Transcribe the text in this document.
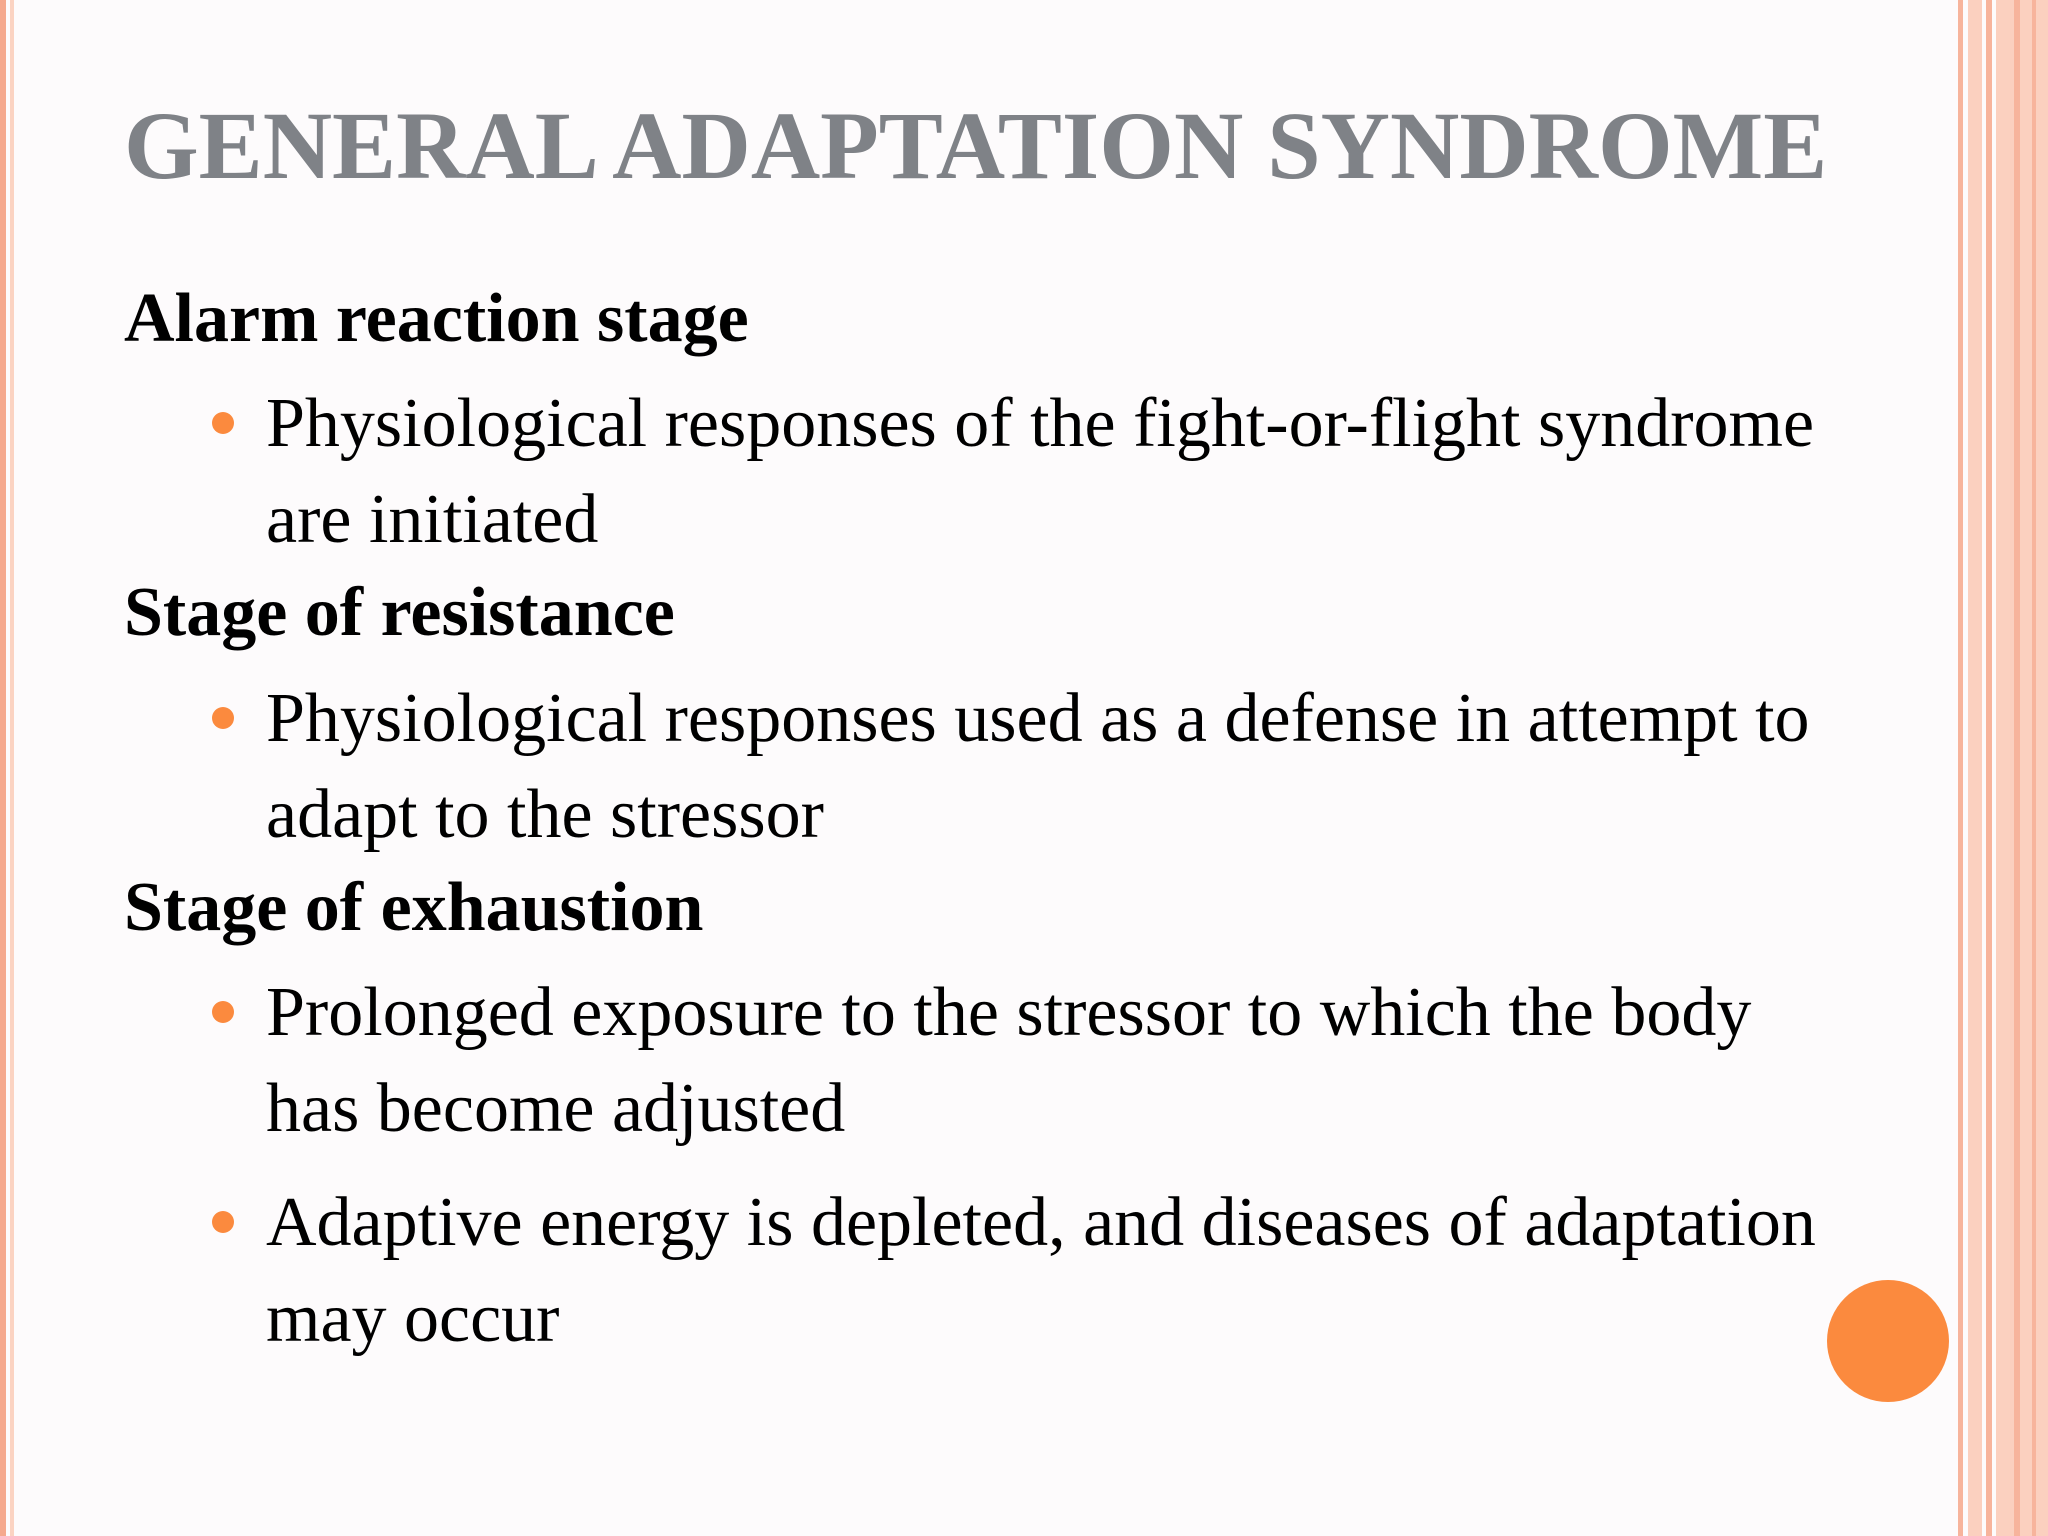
GENERAL ADAPTATION SYNDROME

Alarm reaction stage

Physiological responses of the fight-or-flight syndrome are initiated

Stage of resistance

Physiological responses used as a defense in attempt to adapt to the stressor

Stage of exhaustion

Prolonged exposure to the stressor to which the body has become adjusted
Adaptive energy is depleted, and diseases of adaptation may occur
